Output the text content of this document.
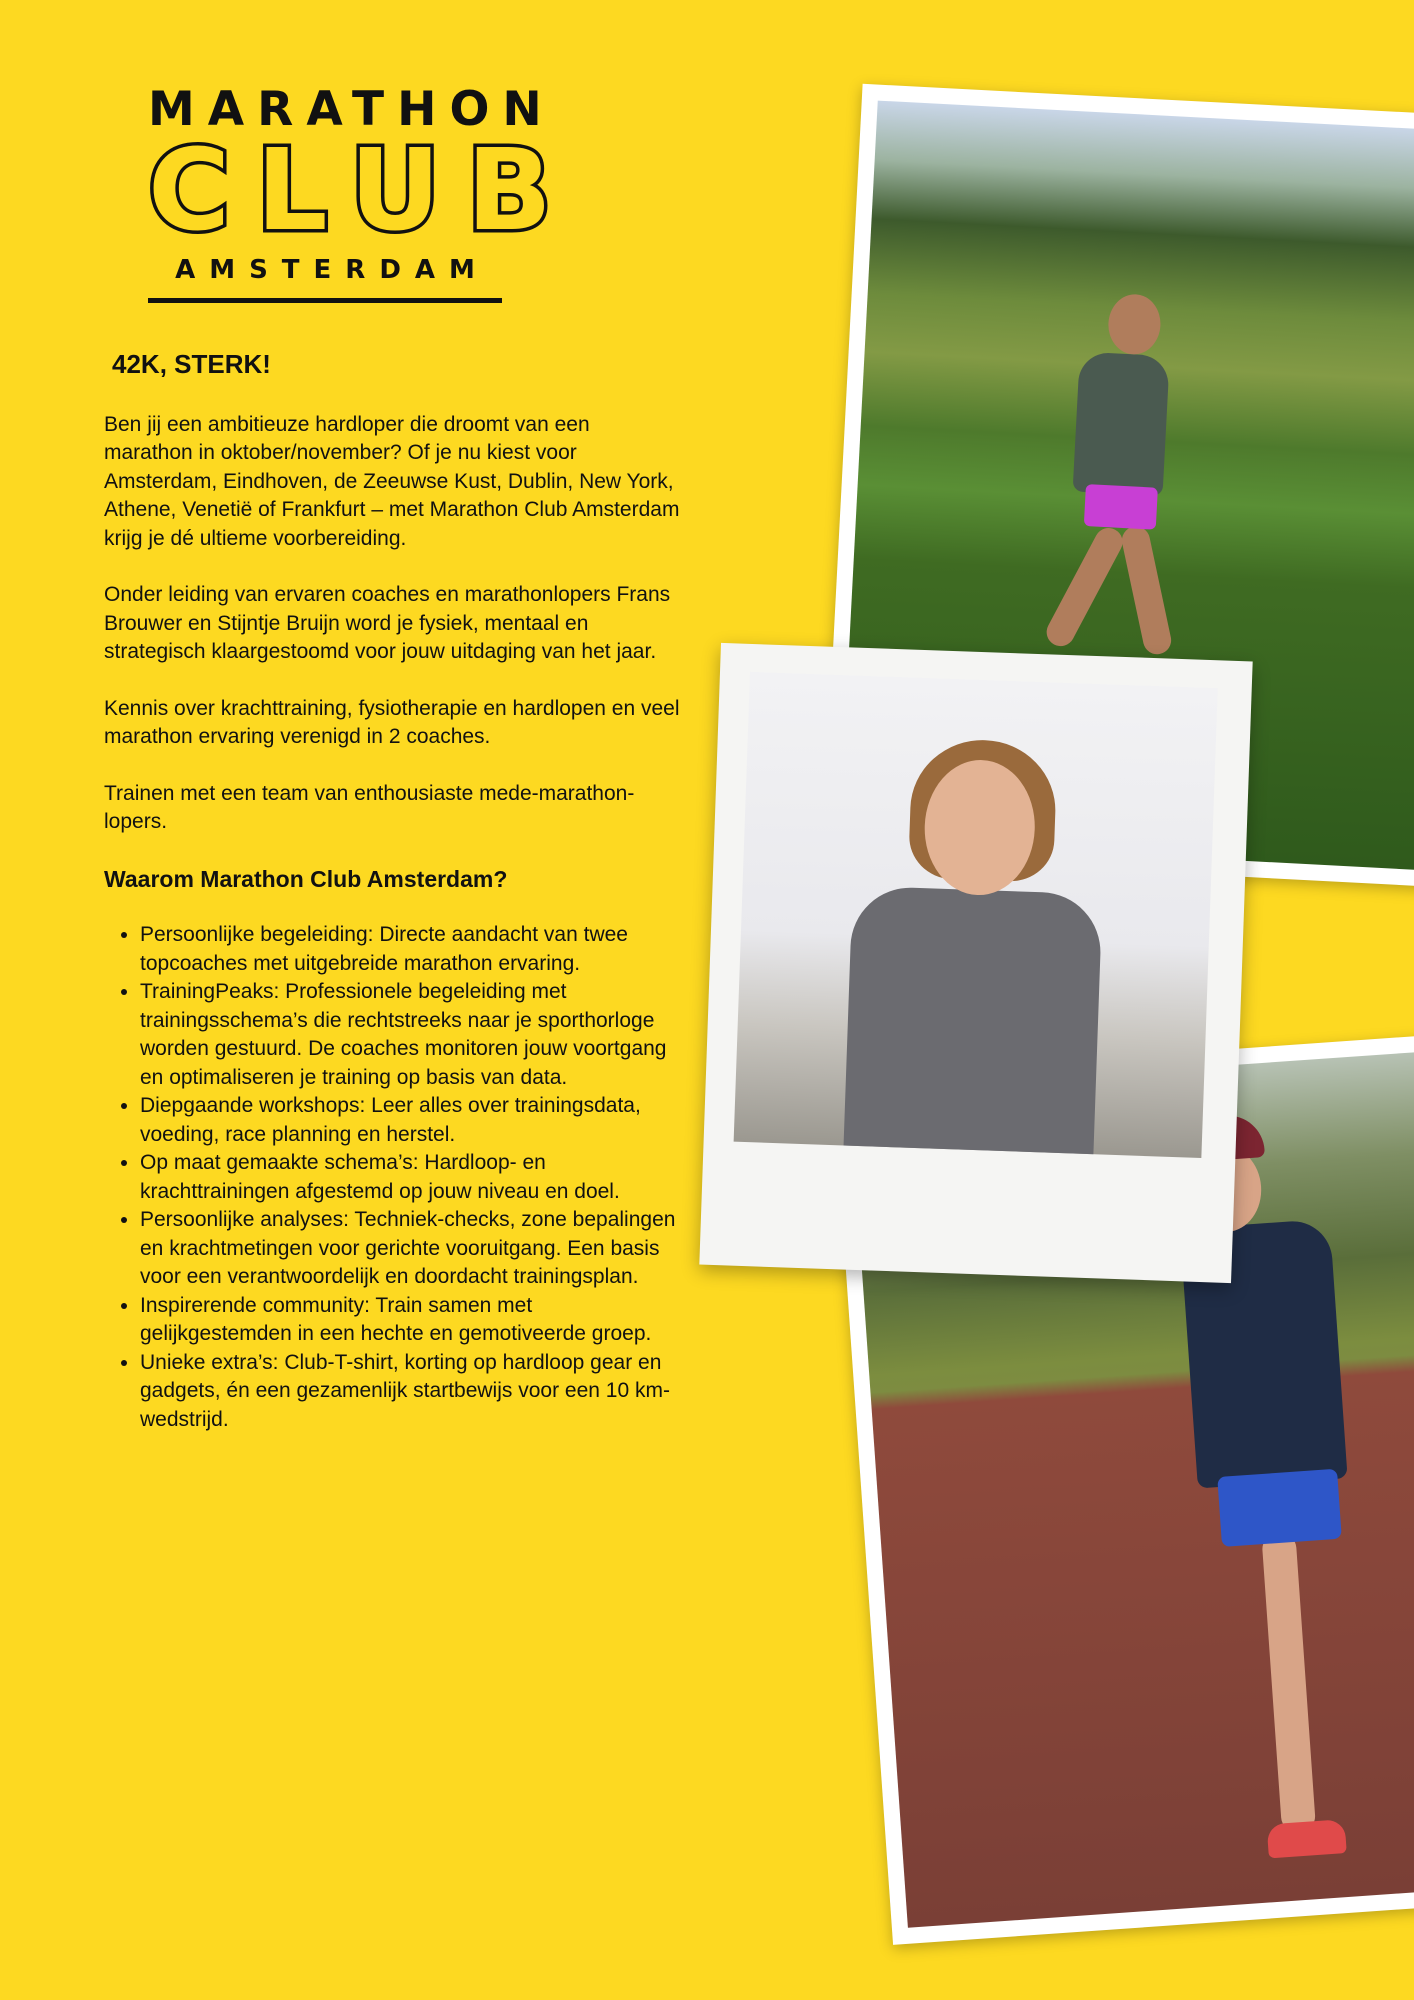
MARATHON
CLUB
AMSTERDAM
42K, STERK!

Ben jij een ambitieuze hardloper die droomt van een marathon in oktober/november? Of je nu kiest voor Amsterdam, Eindhoven, de Zeeuwse Kust, Dublin, New York, Athene, Venetië of Frankfurt – met Marathon Club Amsterdam krijg je dé ultieme voorbereiding.

Onder leiding van ervaren coaches en marathonlopers Frans Brouwer en Stijntje Bruijn word je fysiek, mentaal en strategisch klaargestoomd voor jouw uitdaging van het jaar.

Kennis over krachttraining, fysiotherapie en hardlopen en veel marathon ervaring verenigd in 2 coaches.

Trainen met een team van enthousiaste mede-marathon-lopers.

Waarom Marathon Club Amsterdam?
• Persoonlijke begeleiding: Directe aandacht van twee topcoaches met uitgebreide marathon ervaring.
• TrainingPeaks: Professionele begeleiding met trainingsschema’s die rechtstreeks naar je sporthorloge worden gestuurd. De coaches monitoren jouw voortgang en optimaliseren je training op basis van data.
• Diepgaande workshops: Leer alles over trainingsdata, voeding, race planning en herstel.
• Op maat gemaakte schema’s: Hardloop- en krachttrainingen afgestemd op jouw niveau en doel.
• Persoonlijke analyses: Techniek-checks, zone bepalingen en krachtmetingen voor gerichte vooruitgang. Een basis voor een verantwoordelijk en doordacht trainingsplan.
• Inspirerende community: Train samen met gelijkgestemden in een hechte en gemotiveerde groep.
• Unieke extra’s: Club-T-shirt, korting op hardloop gear en gadgets, én een gezamenlijk startbewijs voor een 10 km-wedstrijd.
